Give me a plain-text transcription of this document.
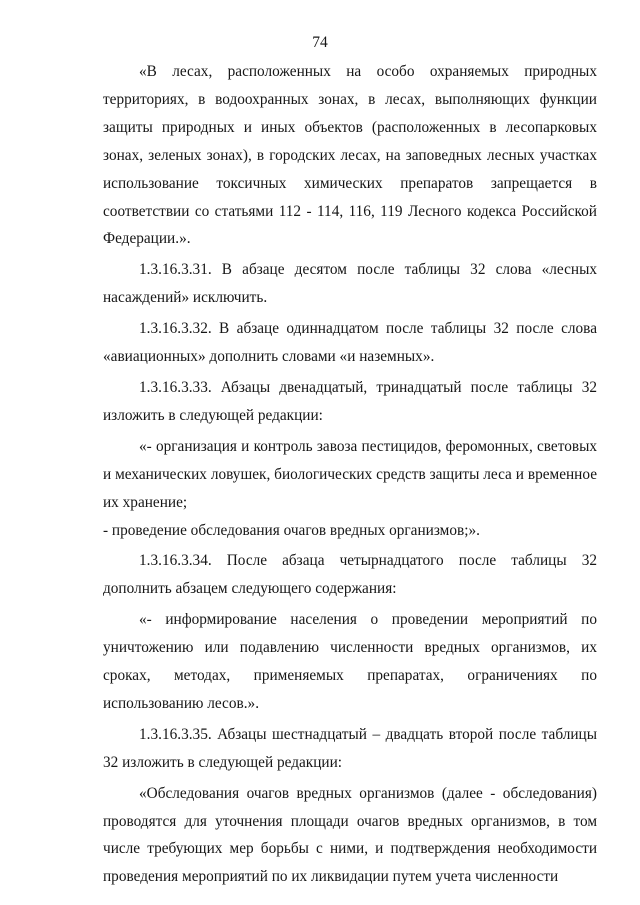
74

«В лесах, расположенных на особо охраняемых природных территориях, в водоохранных зонах, в лесах, выполняющих функции защиты природных и иных объектов (расположенных в лесопарковых зонах, зеленых зонах), в городских лесах, на заповедных лесных участках использование токсичных химических препаратов запрещается в соответствии со статьями 112 - 114, 116, 119 Лесного кодекса Российской Федерации.».

1.3.16.3.31. В абзаце десятом после таблицы 32 слова «лесных насаждений» исключить.

1.3.16.3.32. В абзаце одиннадцатом после таблицы 32 после слова «авиационных» дополнить словами «и наземных».

1.3.16.3.33. Абзацы двенадцатый, тринадцатый после таблицы 32 изложить в следующей редакции:

«- организация и контроль завоза пестицидов, феромонных, световых и механических ловушек, биологических средств защиты леса и временное их хранение;

- проведение обследования очагов вредных организмов;».

1.3.16.3.34. После абзаца четырнадцатого после таблицы 32 дополнить абзацем следующего содержания:

«- информирование населения о проведении мероприятий по уничтожению или подавлению численности вредных организмов, их сроках, методах, применяемых препаратах, ограничениях по использованию лесов.».

1.3.16.3.35. Абзацы шестнадцатый – двадцать второй после таблицы 32 изложить в следующей редакции:

«Обследования очагов вредных организмов (далее - обследования) проводятся для уточнения площади очагов вредных организмов, в том числе требующих мер борьбы с ними, и подтверждения необходимости проведения мероприятий по их ликвидации путем учета численности
